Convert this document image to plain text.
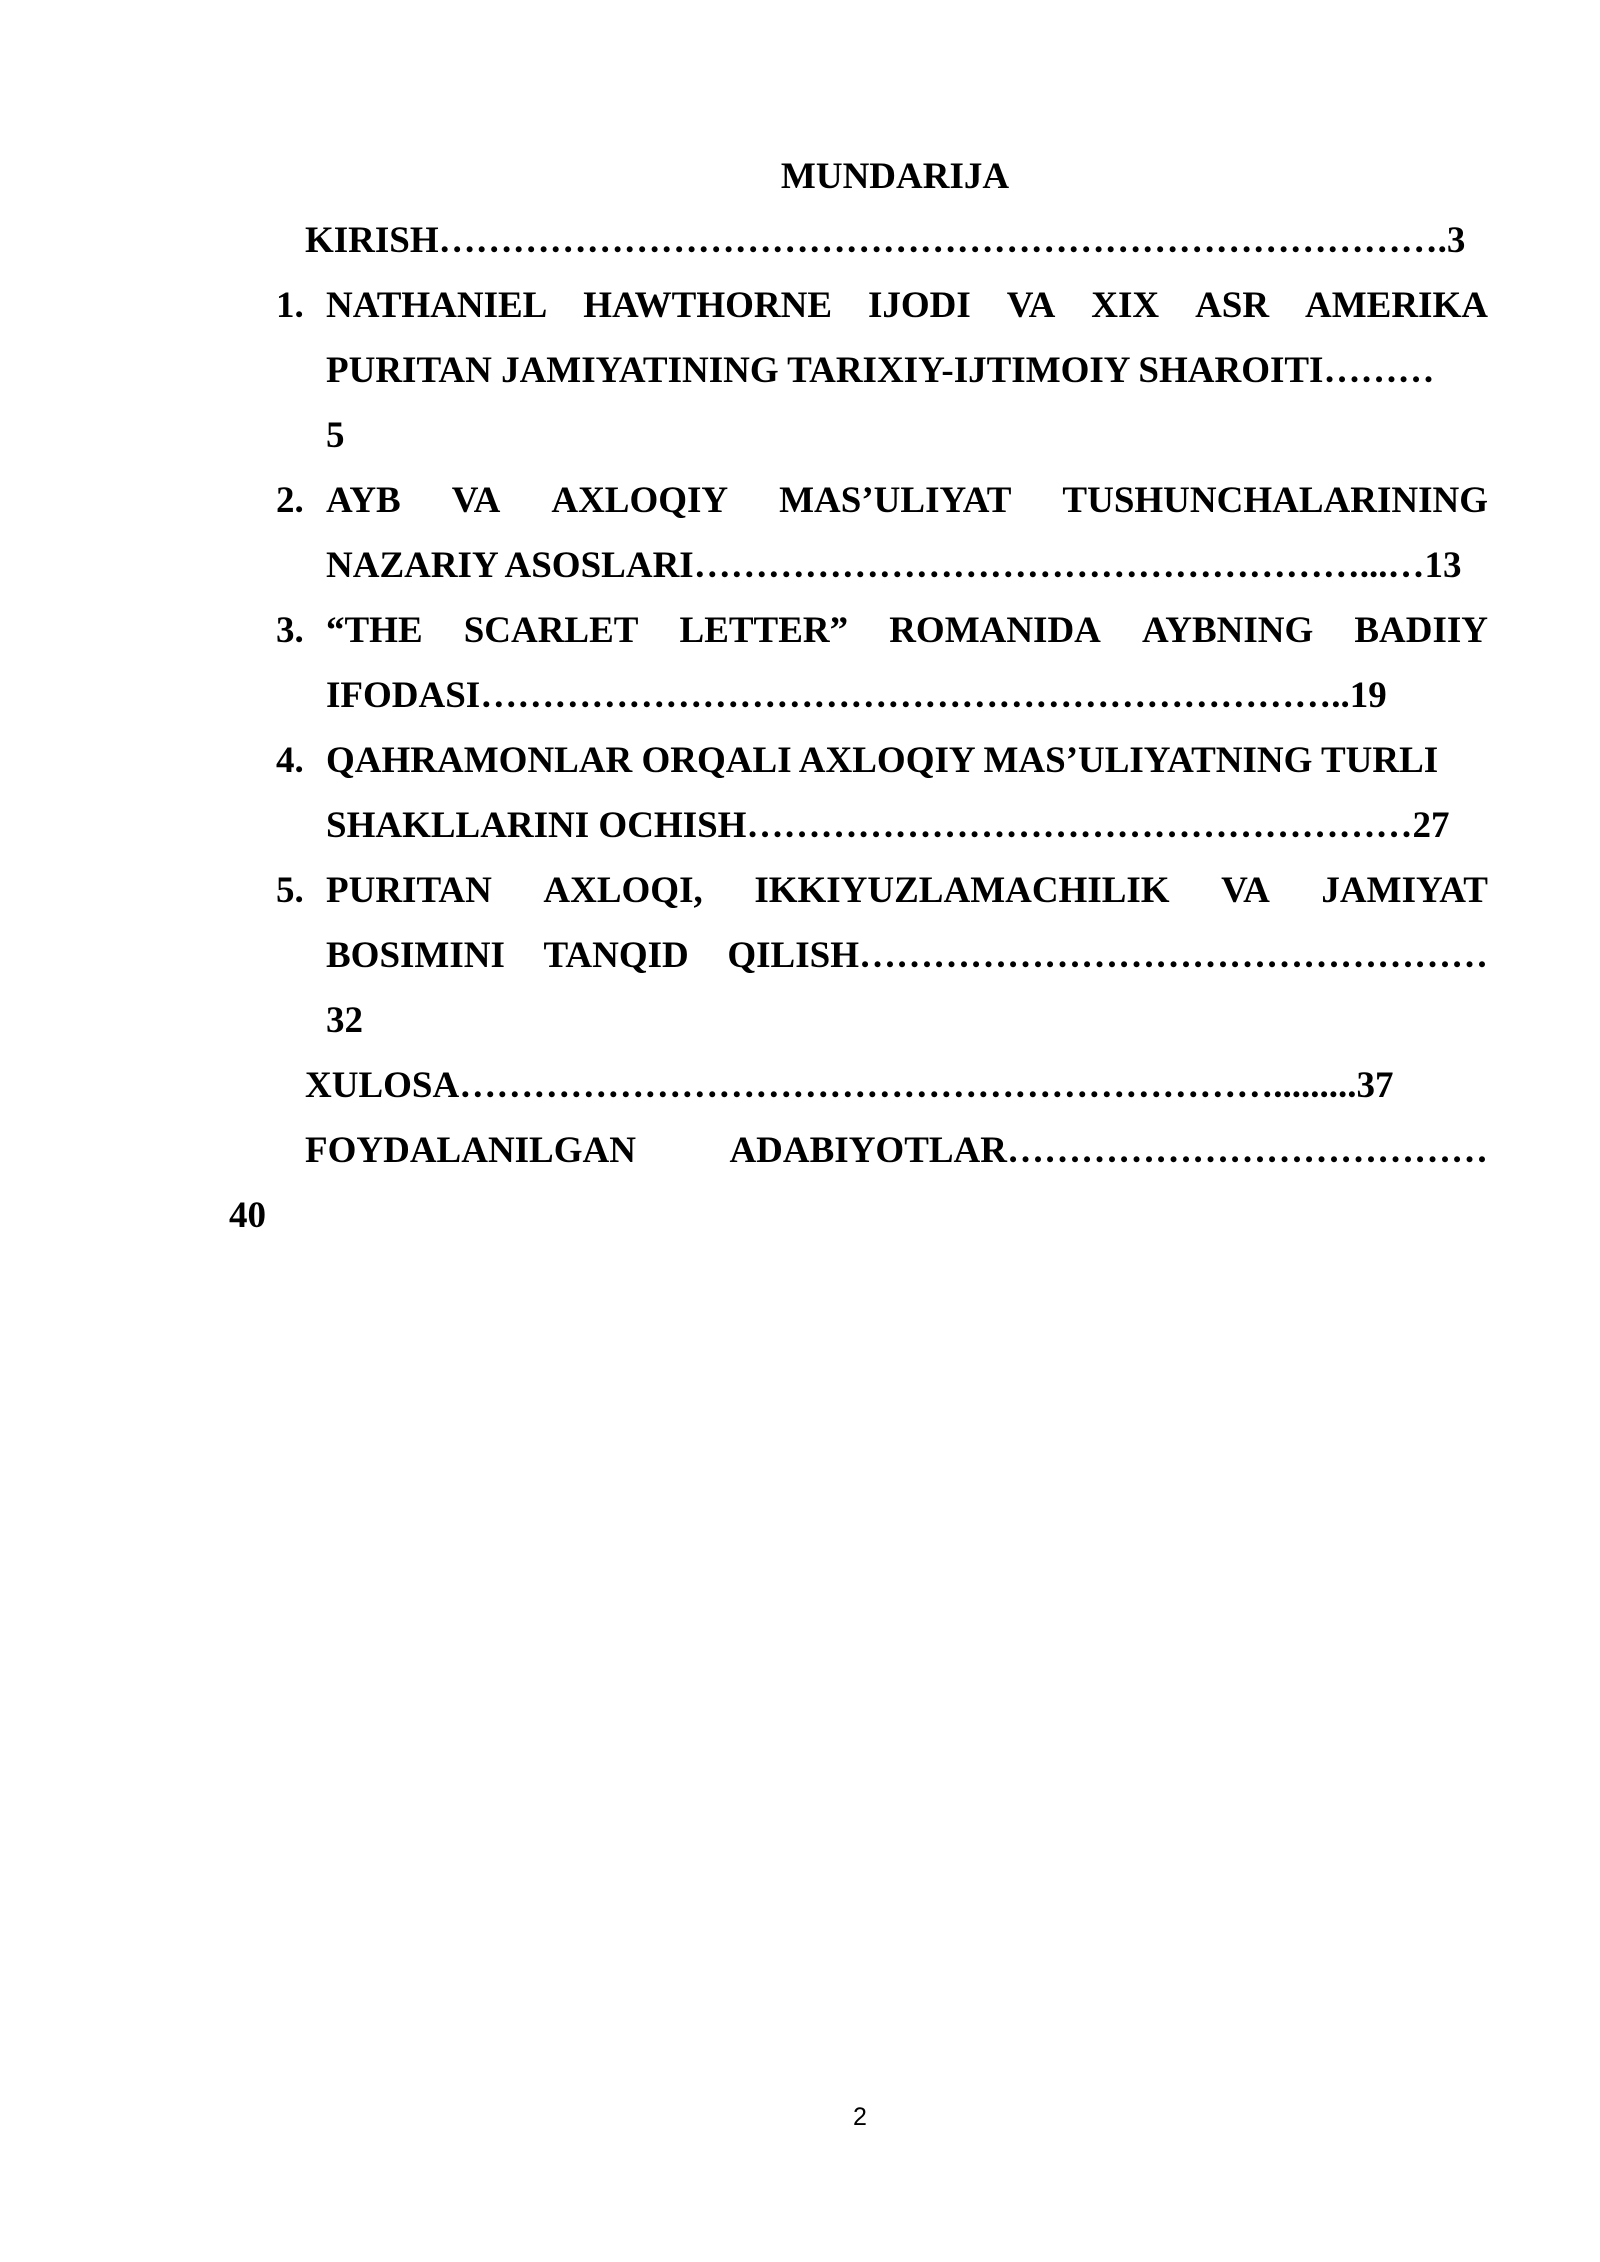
MUNDARIJA
KIRISH……………………………………………………………………….3
1. NATHANIEL HAWTHORNE IJODI VA XIX ASR AMERIKA
PURITAN JAMIYATINING TARIXIY-IJTIMOIY SHAROITI………
5
2. AYB VA AXLOQIY MAS’ULIYAT TUSHUNCHALARINING
NAZARIY ASOSLARI………………………………………………...…13
3. “THE SCARLET LETTER” ROMANIDA AYBNING BADIIY
IFODASI……………………………………………………………..19
4. QAHRAMONLAR ORQALI AXLOQIY MAS’ULIYATNING TURLI
SHAKLLARINI OCHISH………………………………………………27
5. PURITAN AXLOQI, IKKIYUZLAMACHILIK VA JAMIYAT
BOSIMINI TANQID QILISH……………………………………………
32
XULOSA………………………………………………………….........37
FOYDALANILGAN	ADABIYOTLAR…………………………………
40
2
